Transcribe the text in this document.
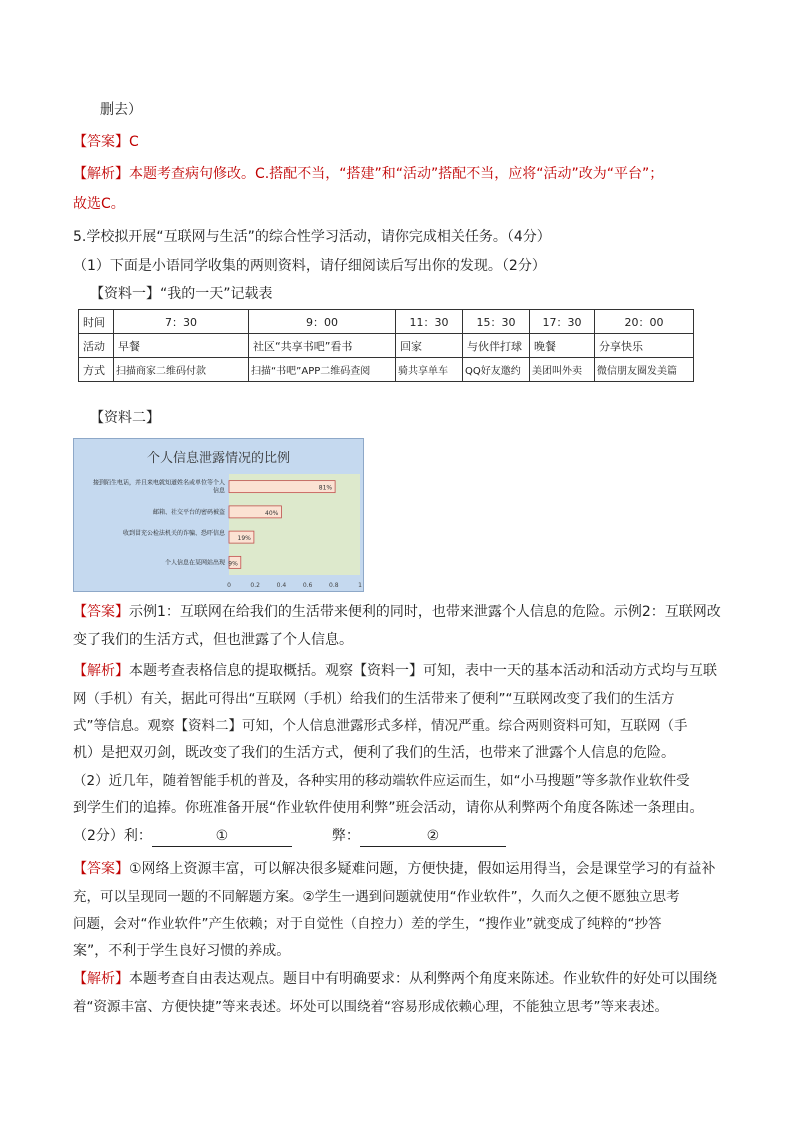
删去）
【答案】C
【解析】本题考查病句修改。C.搭配不当，“搭建”和“活动”搭配不当，应将“活动”改为“平台”；
故选C。
5.学校拟开展“互联网与生活”的综合性学习活动，请你完成相关任务。（4分）
（1）下面是小语同学收集的两则资料，请仔细阅读后写出你的发现。（2分）
【资料一】“我的一天”记载表
时间	7：30	9：00	11：30	15：30	17：30	20：00
活动	早餐	社区“共享书吧”看书	回家	与伙伴打球	晚餐	分享快乐
方式	扫描商家二维码付款	扫描“书吧”APP二维码查阅	骑共享单车	QQ好友邀约	美团叫外卖	微信朋友圈发美篇
【资料二】
个人信息泄露情况的比例
81%
接到陌生电话，并且来电就知道姓名或单位等个人
信息
40%
邮箱、社交平台的密码被盗
19%
收到冒充公检法机关的诈骗、恐吓信息
9%
个人信息在某网站出现
0	0.2	0.4	0.6	0.8	1
【答案】示例1：互联网在给我们的生活带来便利的同时，也带来泄露个人信息的危险。示例2：互联网改
变了我们的生活方式，但也泄露了个人信息。
【解析】本题考查表格信息的提取概括。观察【资料一】可知，表中一天的基本活动和活动方式均与互联
网（手机）有关，据此可得出“互联网（手机）给我们的生活带来了便利”“互联网改变了我们的生活方
式”等信息。观察【资料二】可知，个人信息泄露形式多样，情况严重。综合两则资料可知，互联网（手
机）是把双刃剑，既改变了我们的生活方式，便利了我们的生活，也带来了泄露个人信息的危险。
（2）近几年，随着智能手机的普及，各种实用的移动端软件应运而生，如“小马搜题”等多款作业软件受
到学生们的追捧。你班准备开展“作业软件使用利弊”班会活动，请你从利弊两个角度各陈述一条理由。
（2分）利：	①	弊：	②
【答案】①网络上资源丰富，可以解决很多疑难问题，方便快捷，假如运用得当，会是课堂学习的有益补
充，可以呈现同一题的不同解题方案。②学生一遇到问题就使用“作业软件”，久而久之便不愿独立思考
问题，会对“作业软件”产生依赖；对于自觉性（自控力）差的学生，“搜作业”就变成了纯粹的“抄答
案”，不利于学生良好习惯的养成。
【解析】本题考查自由表达观点。题目中有明确要求：从利弊两个角度来陈述。作业软件的好处可以围绕
着“资源丰富、方便快捷”等来表述。坏处可以围绕着“容易形成依赖心理，不能独立思考”等来表述。
